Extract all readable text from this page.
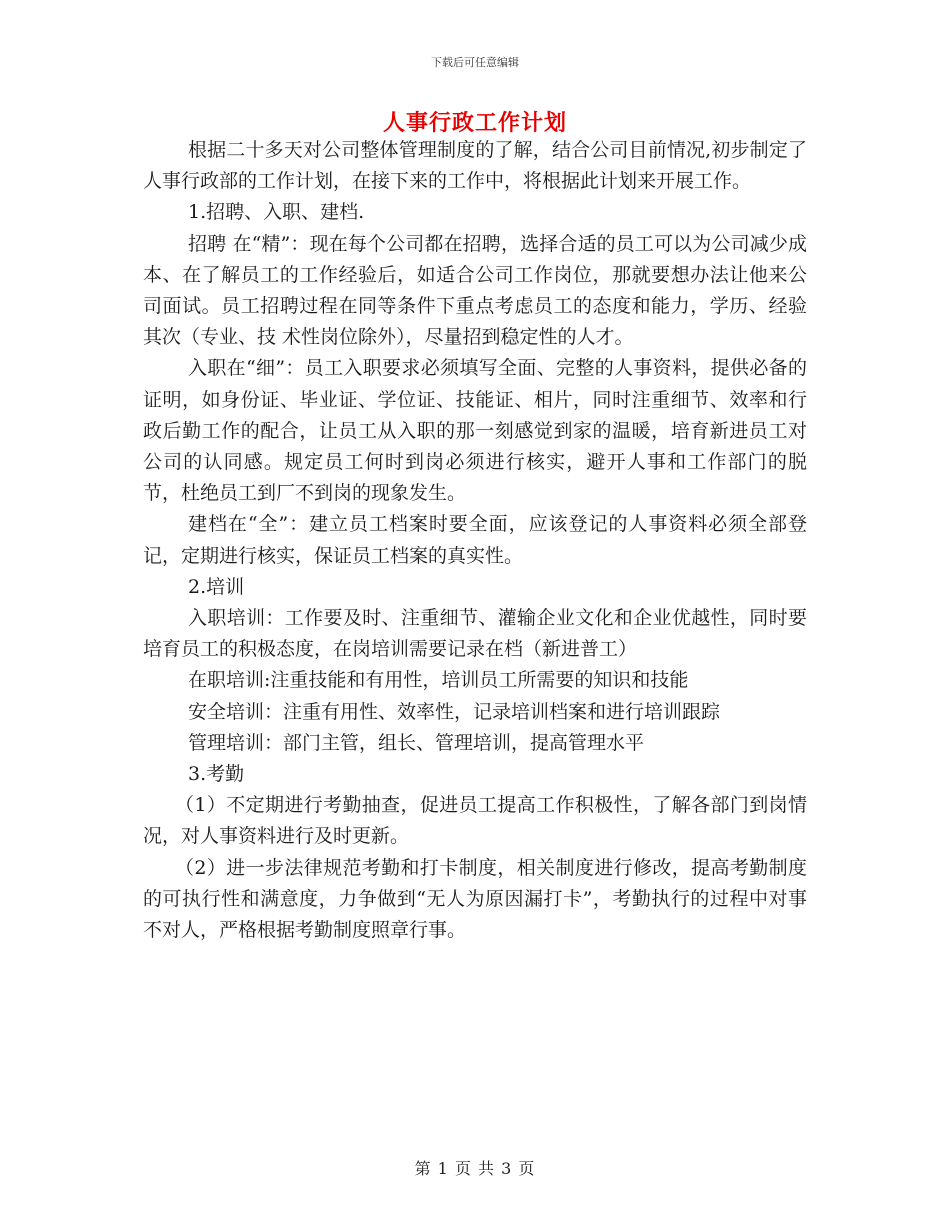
下载后可任意编辑
人事行政工作计划

根据二十多天对公司整体管理制度的了解，结合公司目前情况,初步制定了人事行政部的工作计划，在接下来的工作中，将根据此计划来开展工作。

1.招聘、入职、建档.

招聘 在“精”：现在每个公司都在招聘，选择合适的员工可以为公司减少成本、在了解员工的工作经验后，如适合公司工作岗位，那就要想办法让他来公司面试。员工招聘过程在同等条件下重点考虑员工的态度和能力，学历、经验其次（专业、技 术性岗位除外），尽量招到稳定性的人才。

入职在“细”：员工入职要求必须填写全面、完整的人事资料，提供必备的证明，如身份证、毕业证、学位证、技能证、相片，同时注重细节、效率和行政后勤工作的配合，让员工从入职的那一刻感觉到家的温暖，培育新进员工对公司的认同感。规定员工何时到岗必须进行核实，避开人事和工作部门的脱节，杜绝员工到厂不到岗的现象发生。

建档在“全”：建立员工档案时要全面，应该登记的人事资料必须全部登记，定期进行核实，保证员工档案的真实性。

2.培训

入职培训：工作要及时、注重细节、灌输企业文化和企业优越性，同时要培育员工的积极态度，在岗培训需要记录在档（新进普工）

在职培训:注重技能和有用性，培训员工所需要的知识和技能

安全培训：注重有用性、效率性，记录培训档案和进行培训跟踪

管理培训：部门主管，组长、管理培训，提高管理水平

3.考勤

（1）不定期进行考勤抽查，促进员工提高工作积极性，了解各部门到岗情况，对人事资料进行及时更新。

（2）进一步法律规范考勤和打卡制度，相关制度进行修改，提高考勤制度的可执行性和满意度，力争做到“无人为原因漏打卡”，考勤执行的过程中对事不对人，严格根据考勤制度照章行事。

第 1 页 共 3 页
